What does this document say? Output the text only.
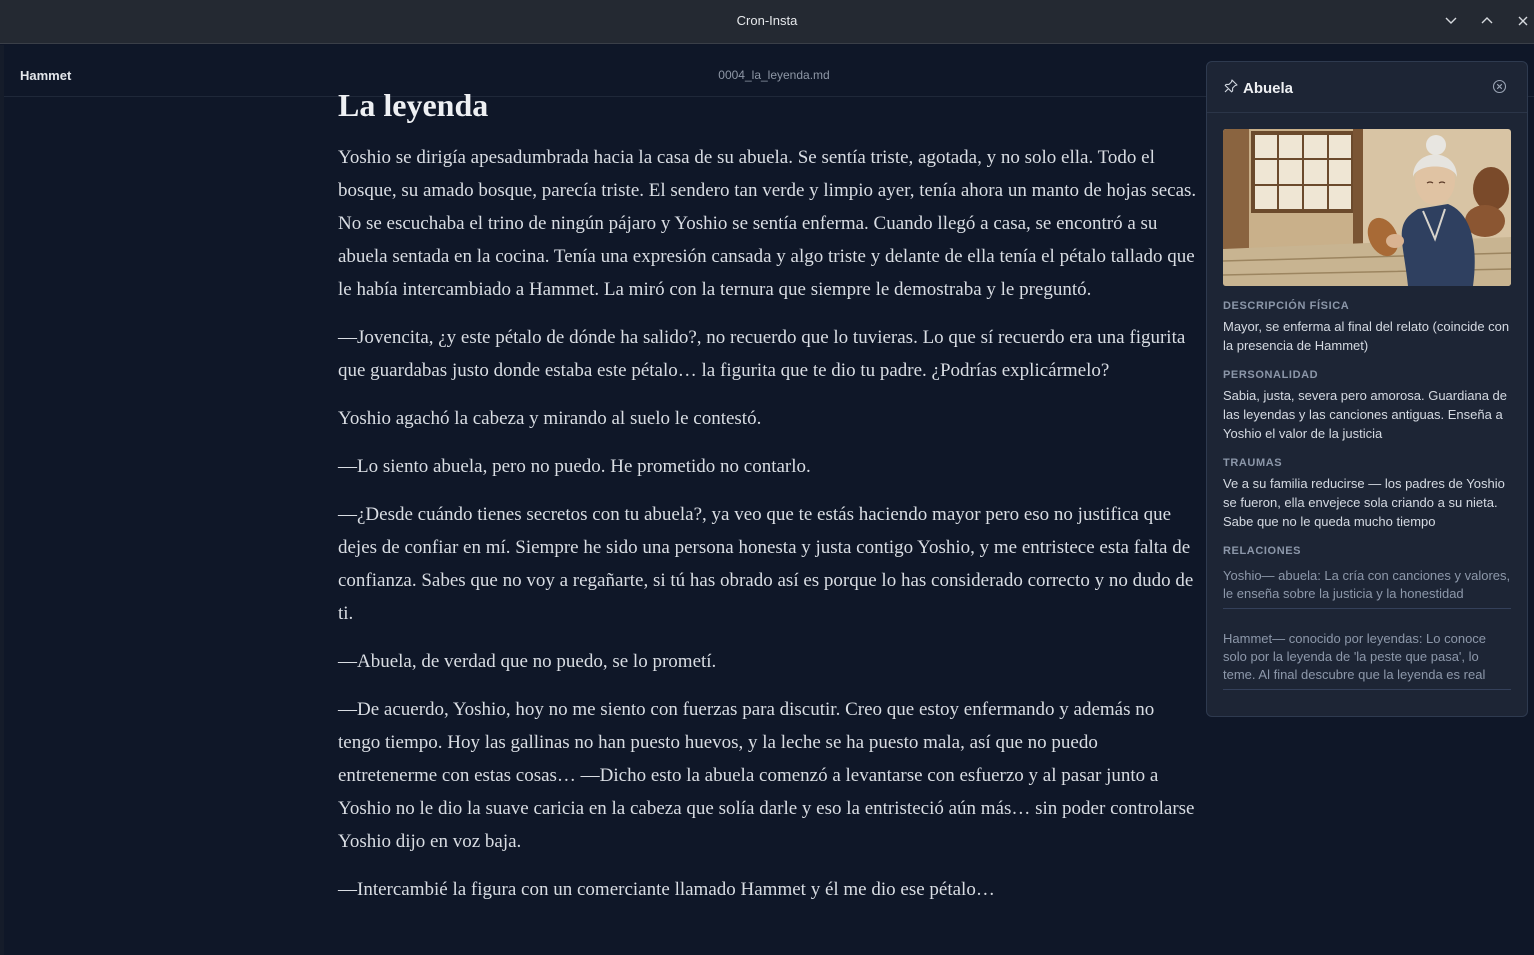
Cron-Insta
Hammet	0004_la_leyenda.md
La leyenda

Yoshio se dirigía apesadumbrada hacia la casa de su abuela. Se sentía triste, agotada, y no solo ella. Todo el bosque, su amado bosque, parecía triste. El sendero tan verde y limpio ayer, tenía ahora un manto de hojas secas. No se escuchaba el trino de ningún pájaro y Yoshio se sentía enferma. Cuando llegó a casa, se encontró a su abuela sentada en la cocina. Tenía una expresión cansada y algo triste y delante de ella tenía el pétalo tallado que le había intercambiado a Hammet. La miró con la ternura que siempre le demostraba y le preguntó.

—Jovencita, ¿y este pétalo de dónde ha salido?, no recuerdo que lo tuvieras. Lo que sí recuerdo era una figurita que guardabas justo donde estaba este pétalo… la figurita que te dio tu padre. ¿Podrías explicármelo?

Yoshio agachó la cabeza y mirando al suelo le contestó.

—Lo siento abuela, pero no puedo. He prometido no contarlo.

—¿Desde cuándo tienes secretos con tu abuela?, ya veo que te estás haciendo mayor pero eso no justifica que dejes de confiar en mí. Siempre he sido una persona honesta y justa contigo Yoshio, y me entristece esta falta de confianza. Sabes que no voy a regañarte, si tú has obrado así es porque lo has considerado correcto y no dudo de ti.

—Abuela, de verdad que no puedo, se lo prometí.

—De acuerdo, Yoshio, hoy no me siento con fuerzas para discutir. Creo que estoy enfermando y además no tengo tiempo. Hoy las gallinas no han puesto huevos, y la leche se ha puesto mala, así que no puedo entretenerme con estas cosas… —Dicho esto la abuela comenzó a levantarse con esfuerzo y al pasar junto a Yoshio no le dio la suave caricia en la cabeza que solía darle y eso la entristeció aún más… sin poder controlarse Yoshio dijo en voz baja.

—Intercambié la figura con un comerciante llamado Hammet y él me dio ese pétalo…

Abuela
DESCRIPCIÓN FÍSICA
Mayor, se enferma al final del relato (coincide con la presencia de Hammet)
PERSONALIDAD
Sabia, justa, severa pero amorosa. Guardiana de las leyendas y las canciones antiguas. Enseña a Yoshio el valor de la justicia
TRAUMAS
Ve a su familia reducirse — los padres de Yoshio se fueron, ella envejece sola criando a su nieta. Sabe que no le queda mucho tiempo
RELACIONES
Yoshio— abuela: La cría con canciones y valores, le enseña sobre la justicia y la honestidad
Hammet— conocido por leyendas: Lo conoce solo por la leyenda de 'la peste que pasa', lo teme. Al final descubre que la leyenda es real
